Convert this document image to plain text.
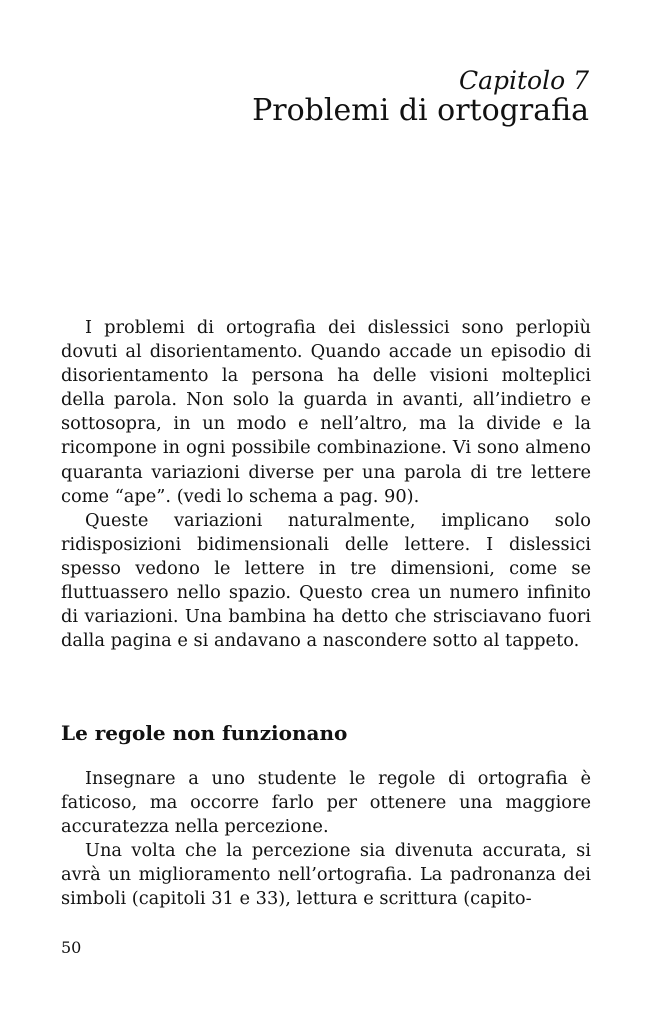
Capitolo 7
Problemi di ortografia

I problemi di ortografia dei dislessici sono perlopiù dovuti al disorientamento. Quando accade un episodio di disorientamento la persona ha delle visioni molteplici della parola. Non solo la guarda in avanti, all’indietro e sottosopra, in un modo e nell’altro, ma la divide e la ricompone in ogni possibile combinazione. Vi sono almeno quaranta variazioni diverse per una parola di tre lettere come “ape”. (vedi lo schema a pag. 90).

Queste variazioni naturalmente, implicano solo ridisposizioni bidimensionali delle lettere. I dislessici spesso vedono le lettere in tre dimensioni, come se fluttuassero nello spazio. Questo crea un numero infinito di variazioni. Una bambina ha detto che strisciavano fuori dalla pagina e si andavano a nascondere sotto al tappeto.

Le regole non funzionano

Insegnare a uno studente le regole di ortografia è faticoso, ma occorre farlo per ottenere una maggiore accuratezza nella percezione.

Una volta che la percezione sia divenuta accurata, si avrà un miglioramento nell’ortografia. La padronanza dei simboli (capitoli 31 e 33), lettura e scrittura (capito-

50
